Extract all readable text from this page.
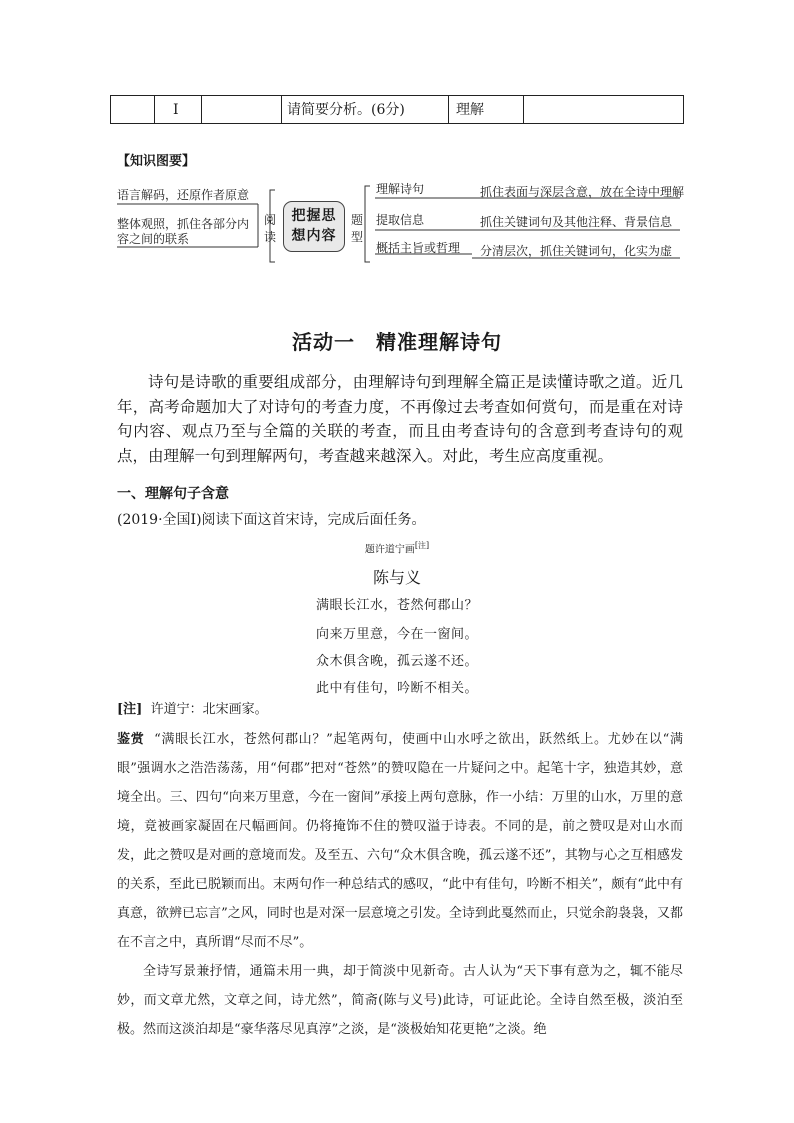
Ⅰ	请简要分析。(6分)	理解
【知识图要】
语言解码，还原作者原意
整体观照，抓住各部分内
容之间的联系
阅
读
把握思
想内容
题
型
理解诗句	抓住表面与深层含意，放在全诗中理解
提取信息	抓住关键词句及其他注释、背景信息
概括主旨或哲理 分清层次，抓住关键词句，化实为虚
活动一　精准理解诗句
诗句是诗歌的重要组成部分，由理解诗句到理解全篇正是读懂诗歌之道。近几年，高考命题加大了对诗句的考查力度，不再像过去考查如何赏句，而是重在对诗句内容、观点乃至与全篇的关联的考查，而且由考查诗句的含意到考查诗句的观点，由理解一句到理解两句，考查越来越深入。对此，考生应高度重视。
一、理解句子含意
(2019·全国Ⅰ)阅读下面这首宋诗，完成后面任务。
题许道宁画[注]
陈与义
满眼长江水，苍然何郡山？
向来万里意，今在一窗间。
众木俱含晚，孤云遂不还。
此中有佳句，吟断不相关。
[注] 许道宁：北宋画家。

鉴赏 “满眼长江水，苍然何郡山？”起笔两句，使画中山水呼之欲出，跃然纸上。尤妙在以“满眼”强调水之浩浩荡荡，用“何郡”把对“苍然”的赞叹隐在一片疑问之中。起笔十字，独造其妙，意境全出。三、四句“向来万里意，今在一窗间”承接上两句意脉，作一小结：万里的山水，万里的意境，竟被画家凝固在尺幅画间。仍将掩饰不住的赞叹溢于诗表。不同的是，前之赞叹是对山水而发，此之赞叹是对画的意境而发。及至五、六句“众木俱含晚，孤云遂不还”，其物与心之互相感发的关系，至此已脱颖而出。末两句作一种总结式的感叹，“此中有佳句，吟断不相关”，颇有“此中有真意，欲辨已忘言”之风，同时也是对深一层意境之引发。全诗到此戛然而止，只觉余韵袅袅，又都在不言之中，真所谓“尽而不尽”。

全诗写景兼抒情，通篇未用一典，却于简淡中见新奇。古人认为“天下事有意为之，辄不能尽妙，而文章尤然，文章之间，诗尤然”，简斋(陈与义号)此诗，可证此论。全诗自然至极，淡泊至极。然而这淡泊却是“豪华落尽见真淳”之淡，是“淡极始知花更艳”之淡。绝
